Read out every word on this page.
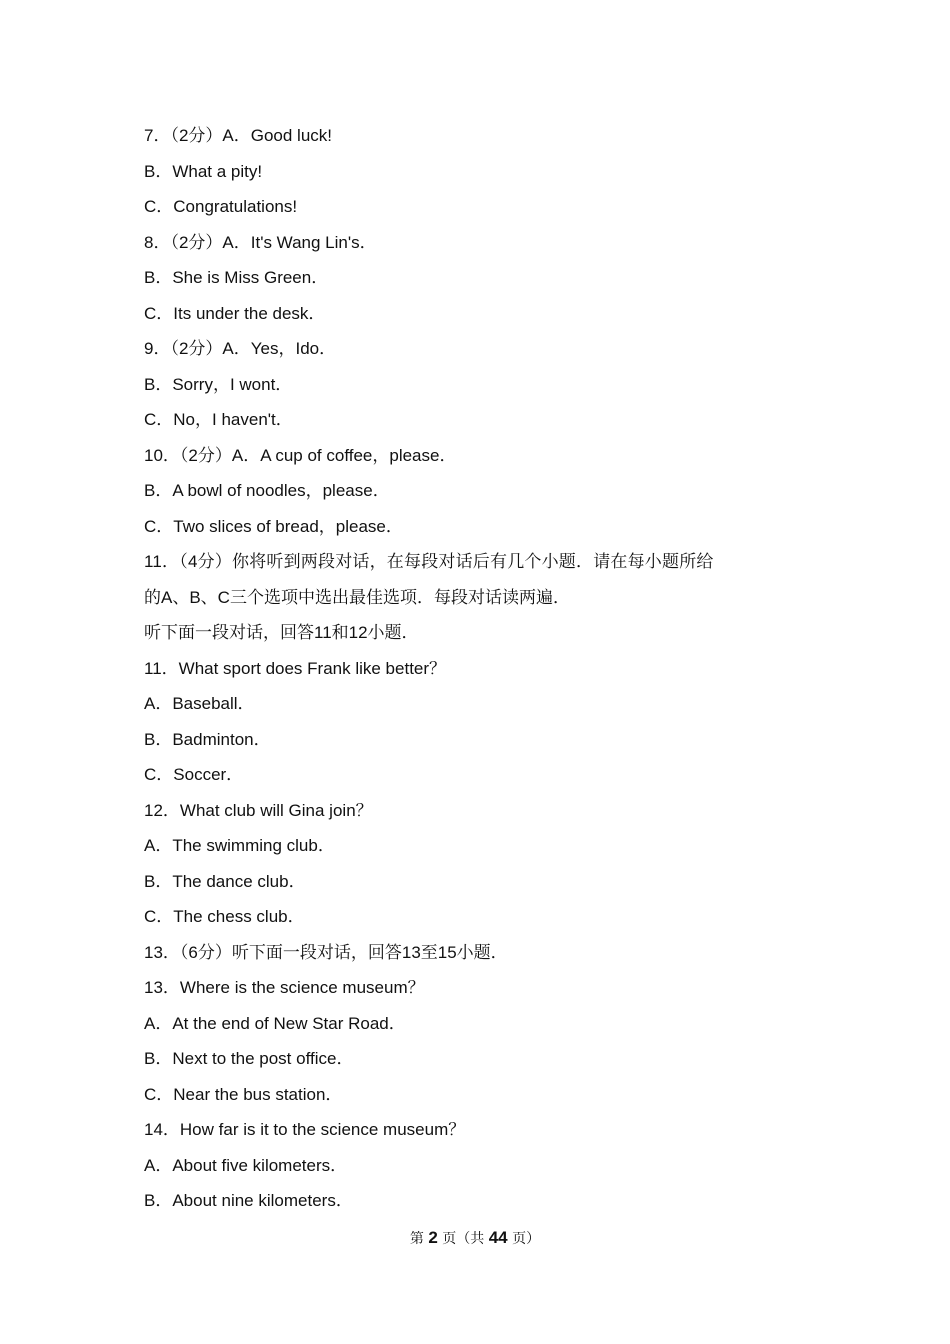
7．（2分）A．Good luck!
B．What a pity!
C．Congratulations!
8．（2分）A．It's Wang Lin's．
B．She is Miss Green．
C．Its under the desk．
9．（2分）A．Yes，Ido．
B．Sorry，I wont．
C．No，I haven't．
10．（2分）A．A cup of coffee，please．
B．A bowl of noodles，please．
C．Two slices of bread，please．
11．（4分）你将听到两段对话，在每段对话后有几个小题．请在每小题所给
的A、B、C三个选项中选出最佳选项．每段对话读两遍．
听下面一段对话，回答11和12小题．
11．What sport does Frank like better？
A．Baseball．
B．Badminton．
C．Soccer．
12．What club will Gina join？
A．The swimming club．
B．The dance club．
C．The chess club．
13．（6分）听下面一段对话，回答13至15小题．
13．Where is the science museum？
A．At the end of New Star Road．
B．Next to the post office．
C．Near the bus station．
14．How far is it to the science museum？
A．About five kilometers．
B．About nine kilometers．
第 2 页（共 44 页）
